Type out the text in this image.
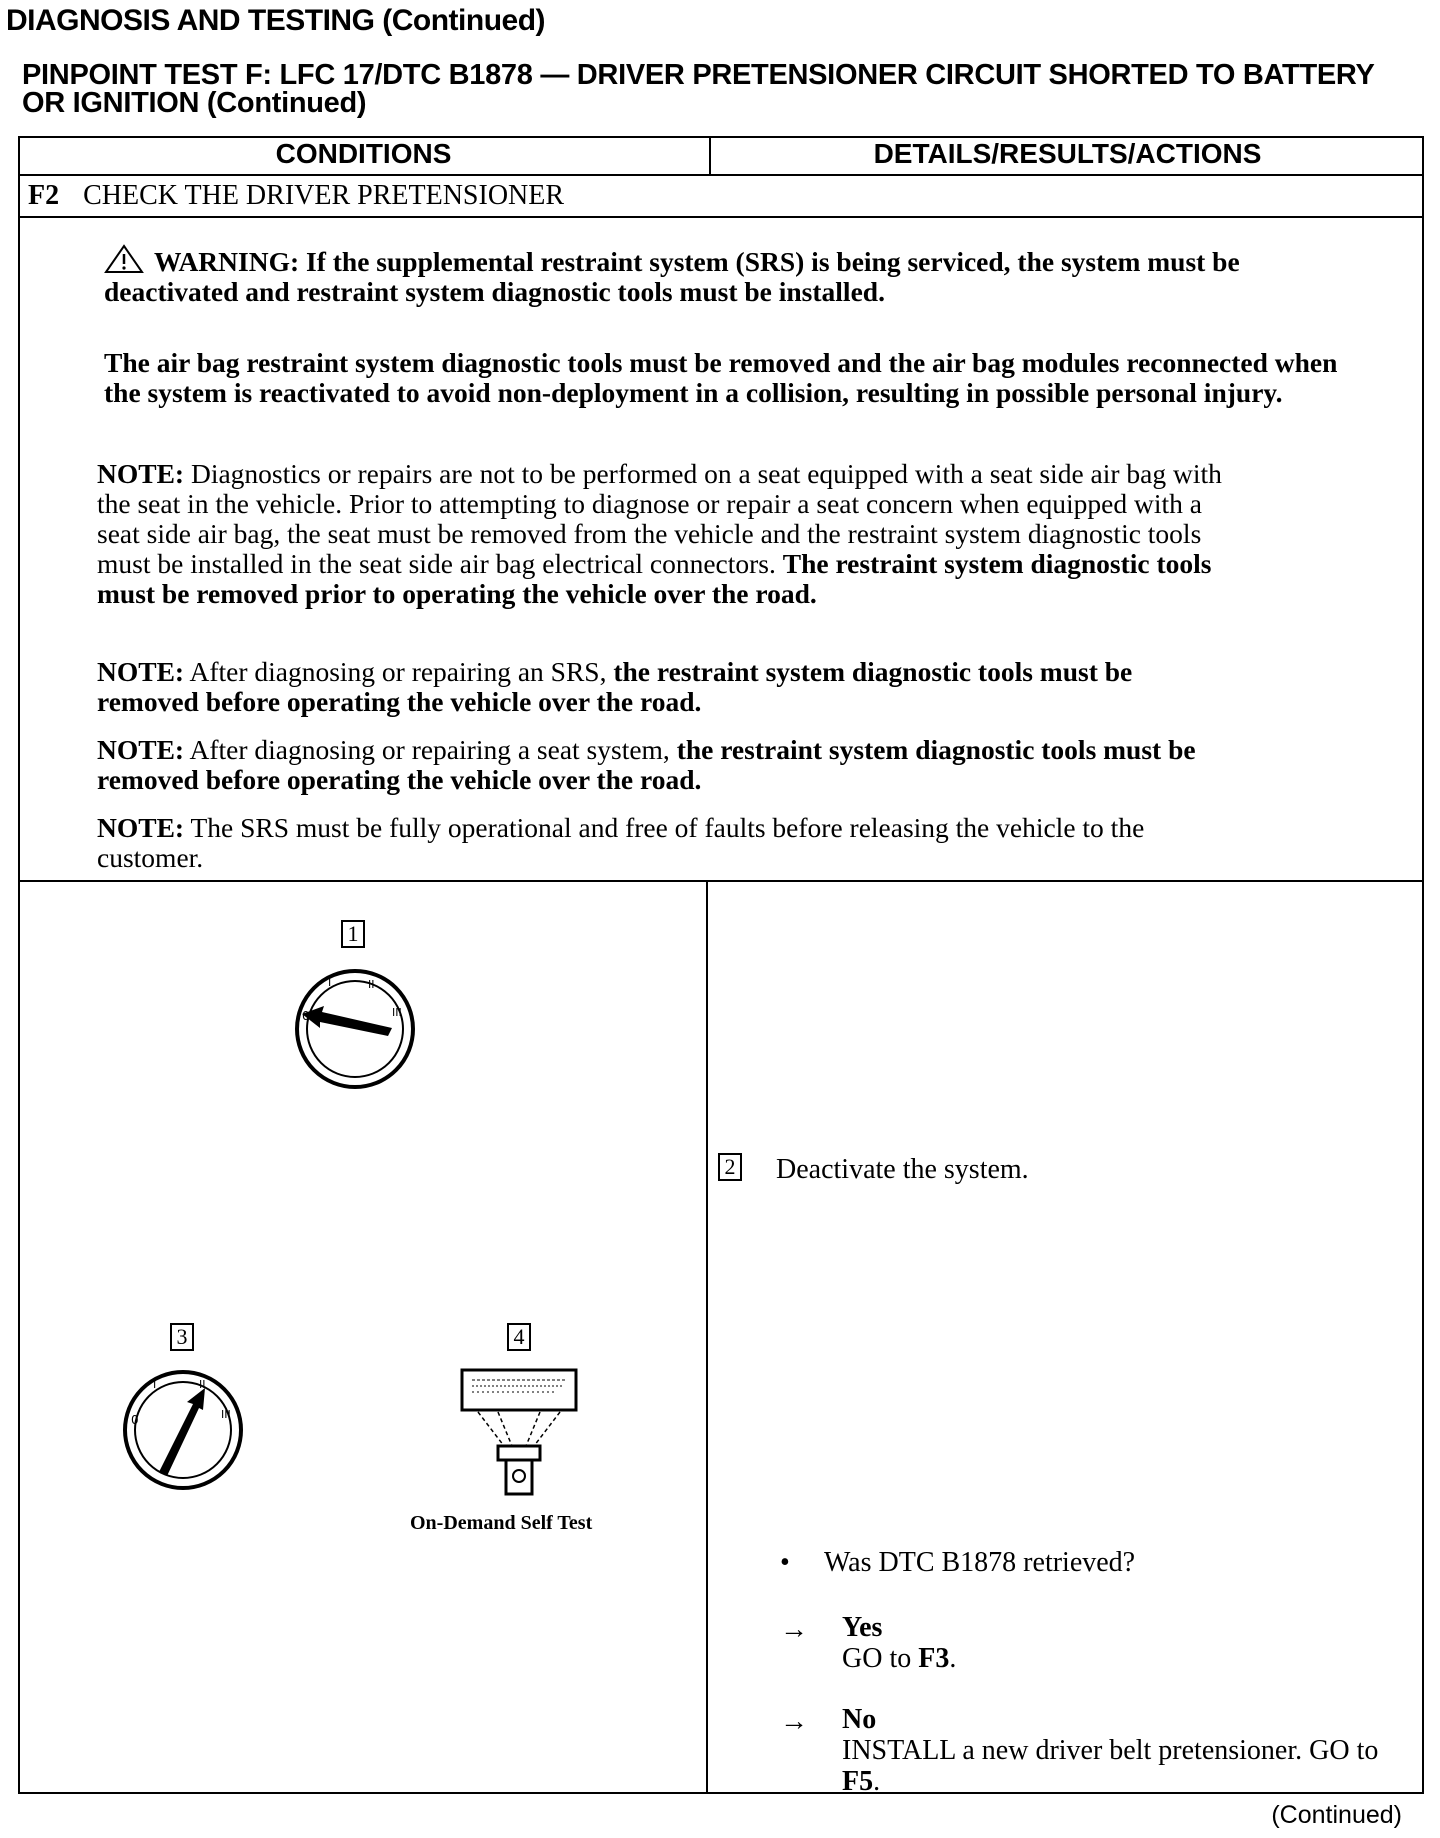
DIAGNOSIS AND TESTING (Continued)
PINPOINT TEST F: LFC 17/DTC B1878 — DRIVER PRETENSIONER CIRCUIT SHORTED TO BATTERY OR IGNITION (Continued)
CONDITIONS	DETAILS/RESULTS/ACTIONS
F2 CHECK THE DRIVER PRETENSIONER
WARNING: If the supplemental restraint system (SRS) is being serviced, the system must be deactivated and restraint system diagnostic tools must be installed.
The air bag restraint system diagnostic tools must be removed and the air bag modules reconnected when the system is reactivated to avoid non-deployment in a collision, resulting in possible personal injury.
NOTE: Diagnostics or repairs are not to be performed on a seat equipped with a seat side air bag with the seat in the vehicle. Prior to attempting to diagnose or repair a seat concern when equipped with a seat side air bag, the seat must be removed from the vehicle and the restraint system diagnostic tools must be installed in the seat side air bag electrical connectors. The restraint system diagnostic tools must be removed prior to operating the vehicle over the road.
NOTE: After diagnosing or repairing an SRS, the restraint system diagnostic tools must be removed before operating the vehicle over the road.
NOTE: After diagnosing or repairing a seat system, the restraint system diagnostic tools must be removed before operating the vehicle over the road.
NOTE: The SRS must be fully operational and free of faults before releasing the vehicle to the customer.
1
0
I	II
III
3
0
I	II
III
4
On-Demand Self Test
2 Deactivate the system.
• Was DTC B1878 retrieved?
→ Yes
GO to F3.
→ No
INSTALL a new driver belt pretensioner. GO to F5.
(Continued)
